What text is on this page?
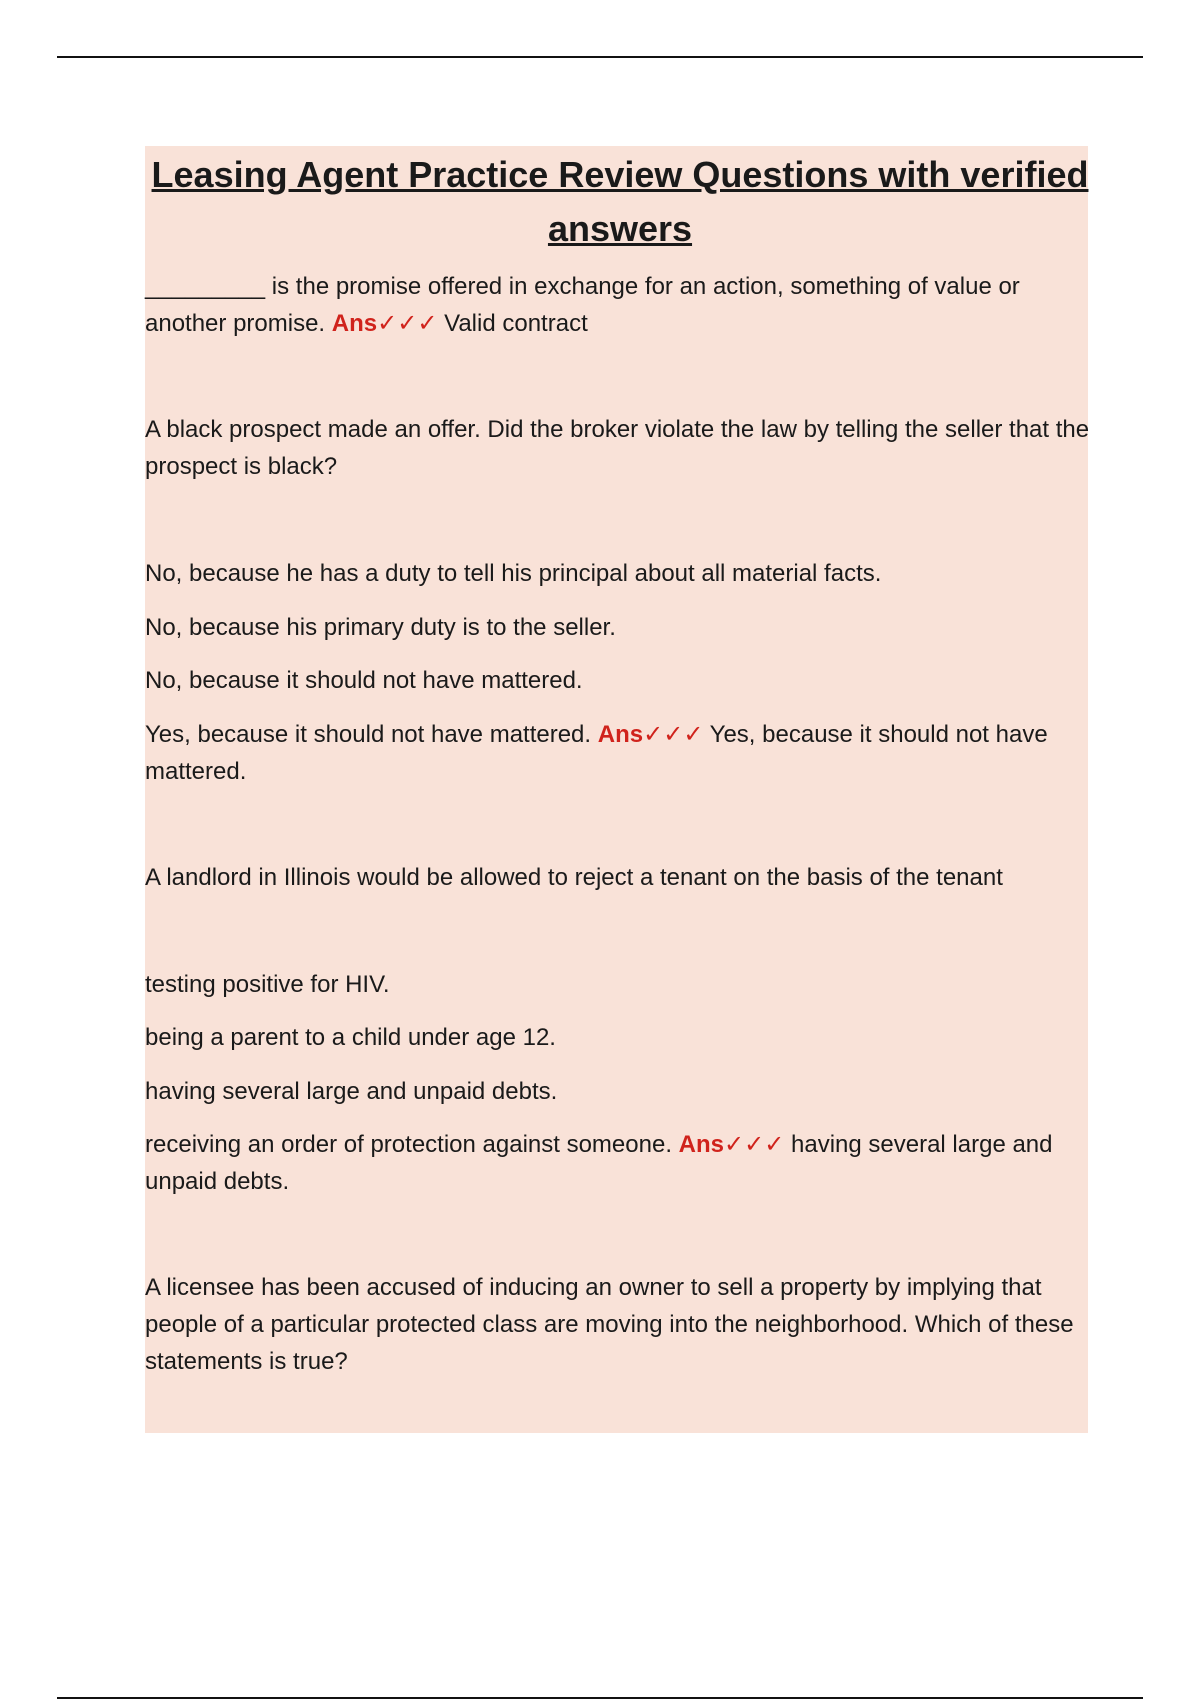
Leasing Agent Practice Review Questions with verified answers

_________ is the promise offered in exchange for an action, something of value or another promise. Ans✓✓✓ Valid contract

A black prospect made an offer. Did the broker violate the law by telling the seller that the prospect is black?

No, because he has a duty to tell his principal about all material facts.

No, because his primary duty is to the seller.

No, because it should not have mattered.

Yes, because it should not have mattered. Ans✓✓✓ Yes, because it should not have mattered.

A landlord in Illinois would be allowed to reject a tenant on the basis of the tenant

testing positive for HIV.

being a parent to a child under age 12.

having several large and unpaid debts.

receiving an order of protection against someone. Ans✓✓✓ having several large and unpaid debts.

A licensee has been accused of inducing an owner to sell a property by implying that people of a particular protected class are moving into the neighborhood. Which of these statements is true?
